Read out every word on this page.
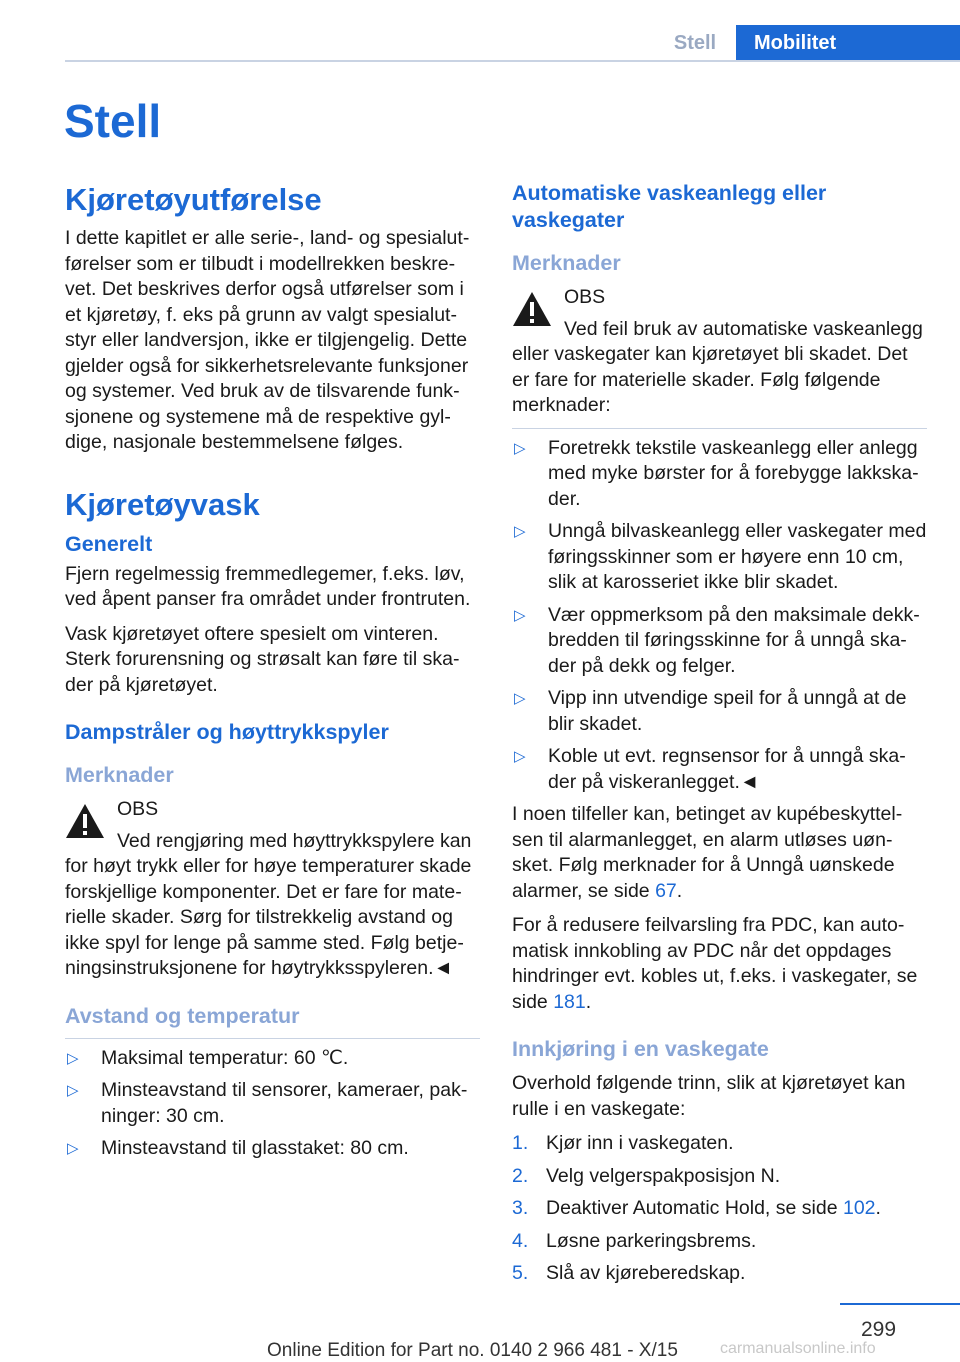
Stell	Mobilitet
Stell
Kjøretøyutførelse

I dette kapitlet er alle serie-, land- og spesialutførelser som er tilbudt i modellrekken beskrevet. Det beskrives derfor også utførelser som i et kjøretøy, f. eks på grunn av valgt spesialutstyr eller landversjon, ikke er tilgjengelig. Dette gjelder også for sikkerhetsrelevante funksjoner og systemer. Ved bruk av de tilsvarende funksjonene og systemene må de respektive gyldige, nasjonale bestemmelsene følges.

Kjøretøyvask
Generelt

Fjern regelmessig fremmedlegemer, f.eks. løv, ved åpent panser fra området under frontruten.

Vask kjøretøyet oftere spesielt om vinteren. Sterk forurensning og strøsalt kan føre til skader på kjøretøyet.

Dampstråler og høyttrykkspyler
Merknader
OBS
Ved rengjøring med høyttrykkspylere kan
for høyt trykk eller for høye temperaturer skade forskjellige komponenter. Det er fare for materielle skader. Sørg for tilstrekkelig avstand og ikke spyl for lenge på samme sted. Følg betjeningsinstruksjonene for høytrykksspyleren.◄
Avstand og temperatur
▷	Maksimal temperatur: 60 ℃.
▷	Minsteavstand til sensorer, kameraer, pakninger: 30 cm.
▷	Minsteavstand til glasstaket: 80 cm.
Automatiske vaskeanlegg eller vaskegater
Merknader
OBS
Ved feil bruk av automatiske vaskeanlegg
eller vaskegater kan kjøretøyet bli skadet. Det er fare for materielle skader. Følg følgende merknader:
▷	Foretrekk tekstile vaskeanlegg eller anlegg med myke børster for å forebygge lakkskader.
▷	Unngå bilvaskeanlegg eller vaskegater med føringsskinner som er høyere enn 10 cm, slik at karosseriet ikke blir skadet.
▷	Vær oppmerksom på den maksimale dekkbredden til føringsskinne for å unngå skader på dekk og felger.
▷	Vipp inn utvendige speil for å unngå at de blir skadet.
▷	Koble ut evt. regnsensor for å unngå skader på viskeranlegget.◄

I noen tilfeller kan, betinget av kupébeskyttelsen til alarmanlegget, en alarm utløses uønsket. Følg merknader for å Unngå uønskede alarmer, se side 67.

For å redusere feilvarsling fra PDC, kan automatisk innkobling av PDC når det oppdages hindringer evt. kobles ut, f.eks. i vaskegater, se side 181.

Innkjøring i en vaskegate

Overhold følgende trinn, slik at kjøretøyet kan rulle i en vaskegate:

1. Kjør inn i vaskegaten.
2. Velg velgerspakposisjon N.
3. Deaktiver Automatic Hold, se side 102.
4. Løsne parkeringsbrems.
5. Slå av kjøreberedskap.
299
Online Edition for Part no. 0140 2 966 481 - X/15	carmanualsonline.info
